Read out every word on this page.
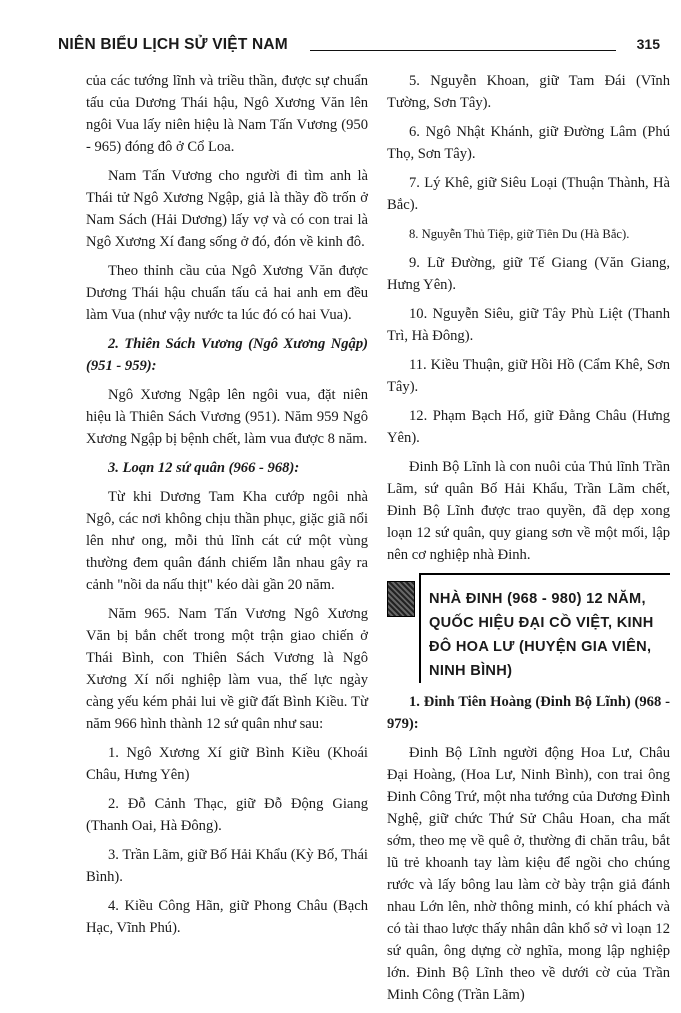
NIÊN BIỂU LỊCH SỬ VIỆT NAM	315

của các tướng lĩnh và triều thần, được sự chuẩn tấu của Dương Thái hậu, Ngô Xương Văn lên ngôi Vua lấy niên hiệu là Nam Tấn Vương (950 - 965) đóng đô ở Cổ Loa.

Nam Tấn Vương cho người đi tìm anh là Thái tử Ngô Xương Ngập, giả là thầy đồ trốn ở Nam Sách (Hải Dương) lấy vợ và có con trai là Ngô Xương Xí đang sống ở đó, đón về kinh đô.

Theo thỉnh cầu của Ngô Xương Văn được Dương Thái hậu chuẩn tấu cả hai anh em đều làm Vua (như vậy nước ta lúc đó có hai Vua).

2. Thiên Sách Vương (Ngô Xương Ngập) (951 - 959):

Ngô Xương Ngập lên ngôi vua, đặt niên hiệu là Thiên Sách Vương (951). Năm 959 Ngô Xương Ngập bị bệnh chết, làm vua được 8 năm.

3. Loạn 12 sứ quân (966 - 968):

Từ khi Dương Tam Kha cướp ngôi nhà Ngô, các nơi không chịu thần phục, giặc giã nổi lên như ong, mỗi thủ lĩnh cát cứ một vùng thường đem quân đánh chiếm lẫn nhau gây ra cảnh "nồi da nấu thịt" kéo dài gần 20 năm.

Năm 965. Nam Tấn Vương Ngô Xương Văn bị bắn chết trong một trận giao chiến ở Thái Bình, con Thiên Sách Vương là Ngô Xương Xí nối nghiệp làm vua, thế lực ngày càng yếu kém phải lui về giữ đất Bình Kiều. Từ năm 966 hình thành 12 sứ quân như sau:

1. Ngô Xương Xí giữ Bình Kiều (Khoái Châu, Hưng Yên)

2. Đỗ Cảnh Thạc, giữ Đỗ Động Giang (Thanh Oai, Hà Đông).

3. Trần Lãm, giữ Bố Hải Khẩu (Kỳ Bố, Thái Bình).

4. Kiều Công Hãn, giữ Phong Châu (Bạch Hạc, Vĩnh Phú).

5. Nguyễn Khoan, giữ Tam Đái (Vĩnh Tường, Sơn Tây).

6. Ngô Nhật Khánh, giữ Đường Lâm (Phú Thọ, Sơn Tây).

7. Lý Khê, giữ Siêu Loại (Thuận Thành, Hà Bắc).

8. Nguyễn Thủ Tiệp, giữ Tiên Du (Hà Bắc).

9. Lữ Đường, giữ Tế Giang (Văn Giang, Hưng Yên).

10. Nguyễn Siêu, giữ Tây Phù Liệt (Thanh Trì, Hà Đông).

11. Kiều Thuận, giữ Hồi Hồ (Cẩm Khê, Sơn Tây).

12. Phạm Bạch Hổ, giữ Đằng Châu (Hưng Yên).

Đinh Bộ Lĩnh là con nuôi của Thủ lĩnh Trần Lãm, sứ quân Bố Hải Khẩu, Trần Lãm chết, Đinh Bộ Lĩnh được trao quyền, đã dẹp xong loạn 12 sứ quân, quy giang sơn về một mối, lập nên cơ nghiệp nhà Đinh.

NHÀ ĐINH (968 - 980) 12 NĂM, QUỐC HIỆU ĐẠI CỒ VIỆT, KINH ĐÔ HOA LƯ (HUYỆN GIA VIÊN, NINH BÌNH)

1. Đinh Tiên Hoàng (Đinh Bộ Lĩnh) (968 - 979):

Đinh Bộ Lĩnh người động Hoa Lư, Châu Đại Hoàng, (Hoa Lư, Ninh Bình), con trai ông Đinh Công Trứ, một nha tướng của Dương Đình Nghệ, giữ chức Thứ Sử Châu Hoan, cha mất sớm, theo mẹ về quê ở, thường đi chăn trâu, bắt lũ trẻ khoanh tay làm kiệu để ngồi cho chúng rước và lấy bông lau làm cờ bày trận giả đánh nhau Lớn lên, nhờ thông minh, có khí phách và có tài thao lược thấy nhân dân khổ sở vì loạn 12 sứ quân, ông dựng cờ nghĩa, mong lập nghiệp lớn. Đinh Bộ Lĩnh theo về dưới cờ của Trần Minh Công (Trần Lãm)
